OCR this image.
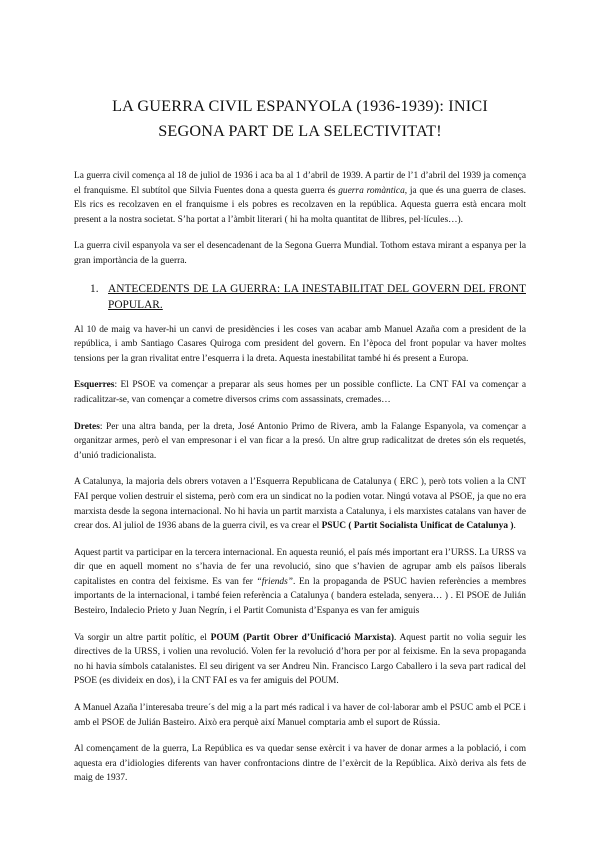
LA GUERRA CIVIL ESPANYOLA (1936-1939): INICI
SEGONA PART DE LA SELECTIVITAT!

La guerra civil comença al 18 de juliol de 1936 i aca ba al 1 d’abril de 1939. A partir de l’1 d’abril del 1939 ja comença el franquisme. El subtítol que Silvia Fuentes dona a questa guerra és guerra romàntica, ja que és una guerra de clases. Els rics es recolzaven en el franquisme i els pobres es recolzaven en la república. Aquesta guerra està encara molt present a la nostra societat. S’ha portat a l’àmbit literari ( hi ha molta quantitat de llibres, pel·lícules…).

La guerra civil espanyola va ser el desencadenant de la Segona Guerra Mundial. Tothom estava mirant a espanya per la gran importància de la guerra.

1. ANTECEDENTS DE LA GUERRA: LA INESTABILITAT DEL GOVERN DEL FRONT POPULAR.

Al 10 de maig va haver-hi un canvi de presidències i les coses van acabar amb Manuel Azaña com a president de la república, i amb Santiago Casares Quiroga com president del govern. En l’època del front popular va haver moltes tensions per la gran rivalitat entre l’esquerra i la dreta. Aquesta inestabilitat també hi és present a Europa.

Esquerres: El PSOE va començar a preparar als seus homes per un possible conflicte. La CNT FAI va començar a radicalitzar-se, van començar a cometre diversos crims com assassinats, cremades…

Dretes: Per una altra banda, per la dreta, José Antonio Primo de Rivera, amb la Falange Espanyola, va començar a organitzar armes, però el van empresonar i el van ficar a la presó. Un altre grup radicalitzat de dretes són els requetés, d’unió tradicionalista.

A Catalunya, la majoria dels obrers votaven a l’Esquerra Republicana de Catalunya ( ERC ), però tots volien a la CNT FAI perque volien destruir el sistema, però com era un sindicat no la podien votar. Ningú votava al PSOE, ja que no era marxista desde la segona internacional. No hi havia un partit marxista a Catalunya, i els marxistes catalans van haver de crear dos. Al juliol de 1936 abans de la guerra civil, es va crear el PSUC ( Partit Socialista Unificat de Catalunya ).

Aquest partit va participar en la tercera internacional. En aquesta reunió, el país més important era l’URSS. La URSS va dir que en aquell moment no s’havia de fer una revolució, sino que s’havien de agrupar amb els països liberals capitalistes en contra del feixisme. Es van fer “friends”. En la propaganda de PSUC havien referències a membres importants de la internacional, i també feien referència a Catalunya ( bandera estelada, senyera… ) . El PSOE de Julián Besteiro, Indalecio Prieto y Juan Negrín, i el Partit Comunista d’Espanya es van fer amiguis

Va sorgir un altre partit polític, el POUM (Partit Obrer d’Unificació Marxista). Aquest partit no volia seguir les directives de la URSS, i volien una revolució. Volen fer la revolució d’hora per por al feixisme. En la seva propaganda no hi havia símbols catalanistes. El seu dirigent va ser Andreu Nin. Francisco Largo Caballero i la seva part radical del PSOE (es divideix en dos), i la CNT FAI es va fer amiguis del POUM.

A Manuel Azaña l’interesaba treure´s del mig a la part més radical i va haver de col·laborar amb el PSUC amb el PCE i amb el PSOE de Julián Basteiro. Això era perquè així Manuel comptaria amb el suport de Rússia.

Al començament de la guerra, La República es va quedar sense exèrcit i va haver de donar armes a la població, i com aquesta era d’idiologies diferents van haver confrontacions dintre de l’exèrcit de la República. Això deriva als fets de maig de 1937.
